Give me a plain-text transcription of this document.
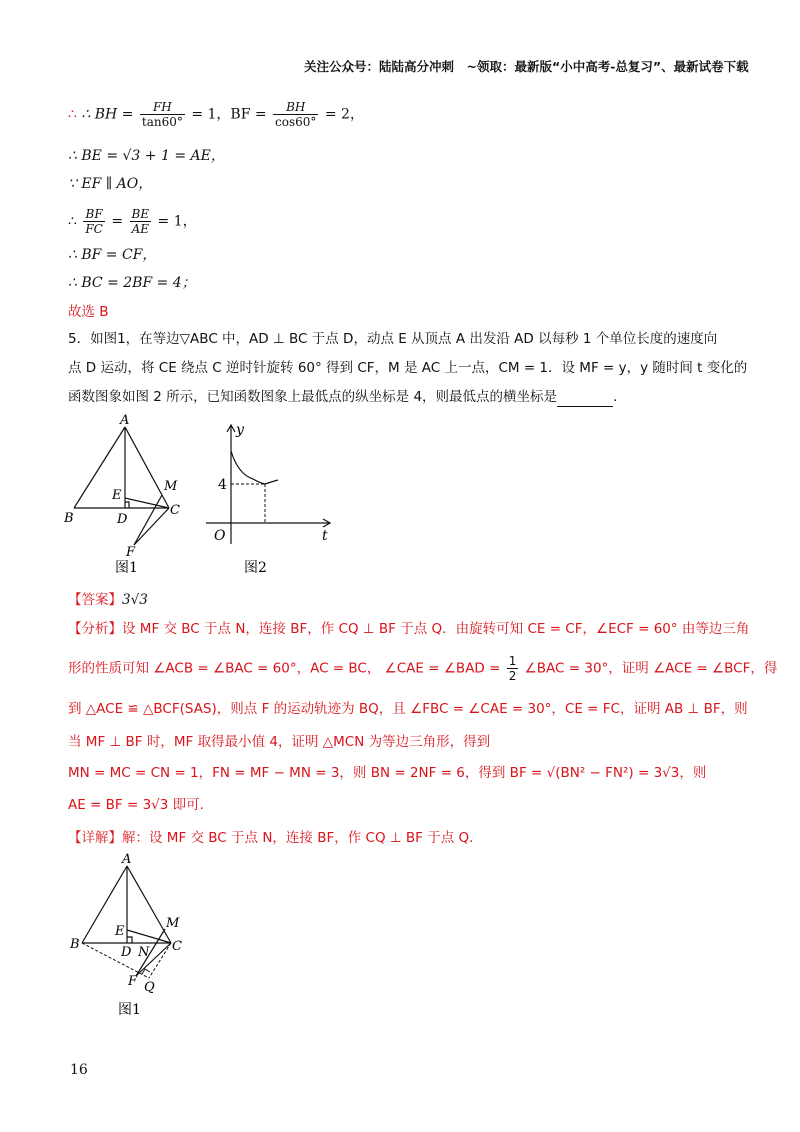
关注公众号：陆陆高分冲刺　~领取：最新版“小中高考-总复习”、最新试卷下载
∴ ∴ BH = $\frac{FH}{\tan 60^\circ} = 1$，BF = $\frac{BH}{\cos 60^\circ} = 2$，
∴ BE = √3 + 1 = AE，
∵ EF ∥ AO，
∴ $\frac{BF}{FC} = \frac{BE}{AE} = 1$，
∴ BF = CF，
∴ BC = 2BF = 4；
故选 B
5．如图1，在等边▽ABC 中，AD ⊥ BC 于点 D，动点 E 从顶点 A 出发沿 AD 以每秒 1 个单位长度的速度向
点 D 运动，将 CE 绕点 C 逆时针旋转 60° 得到 CF，M 是 AC 上一点，CM = 1．设 MF = y，y 随时间 t 变化的
函数图象如图 2 所示，已知函数图象上最低点的纵坐标是 4，则最低点的横坐标是	．
A
B
C
D
E
M
F
图1
y
t
O
4
图2
【答案】3√3
【分析】设 MF 交 BC 于点 N，连接 BF，作 CQ ⊥ BF 于点 Q．由旋转可知 CE = CF，∠ECF = 60° 由等边三角
形的性质可知 ∠ACB = ∠BAC = 60°，AC = BC， ∠CAE = ∠BAD = $\frac{1}{2}$ ∠BAC = 30°，证明 ∠ACE = ∠BCF，得
到 △ACE ≌ △BCF(SAS)，则点 F 的运动轨迹为 BQ，且 ∠FBC = ∠CAE = 30°，CE = FC，证明 AB ⊥ BF，则
当 MF ⊥ BF 时，MF 取得最小值 4，证明 △MCN 为等边三角形，得到
MN = MC = CN = 1，FN = MF − MN = 3，则 BN = 2NF = 6，得到 BF = √(BN² − FN²) = 3√3，则
AE = BF = 3√3 即可．
【详解】解：设 MF 交 BC 于点 N，连接 BF，作 CQ ⊥ BF 于点 Q．
A
B	C
D
E
M
N
F Q
图1
16
